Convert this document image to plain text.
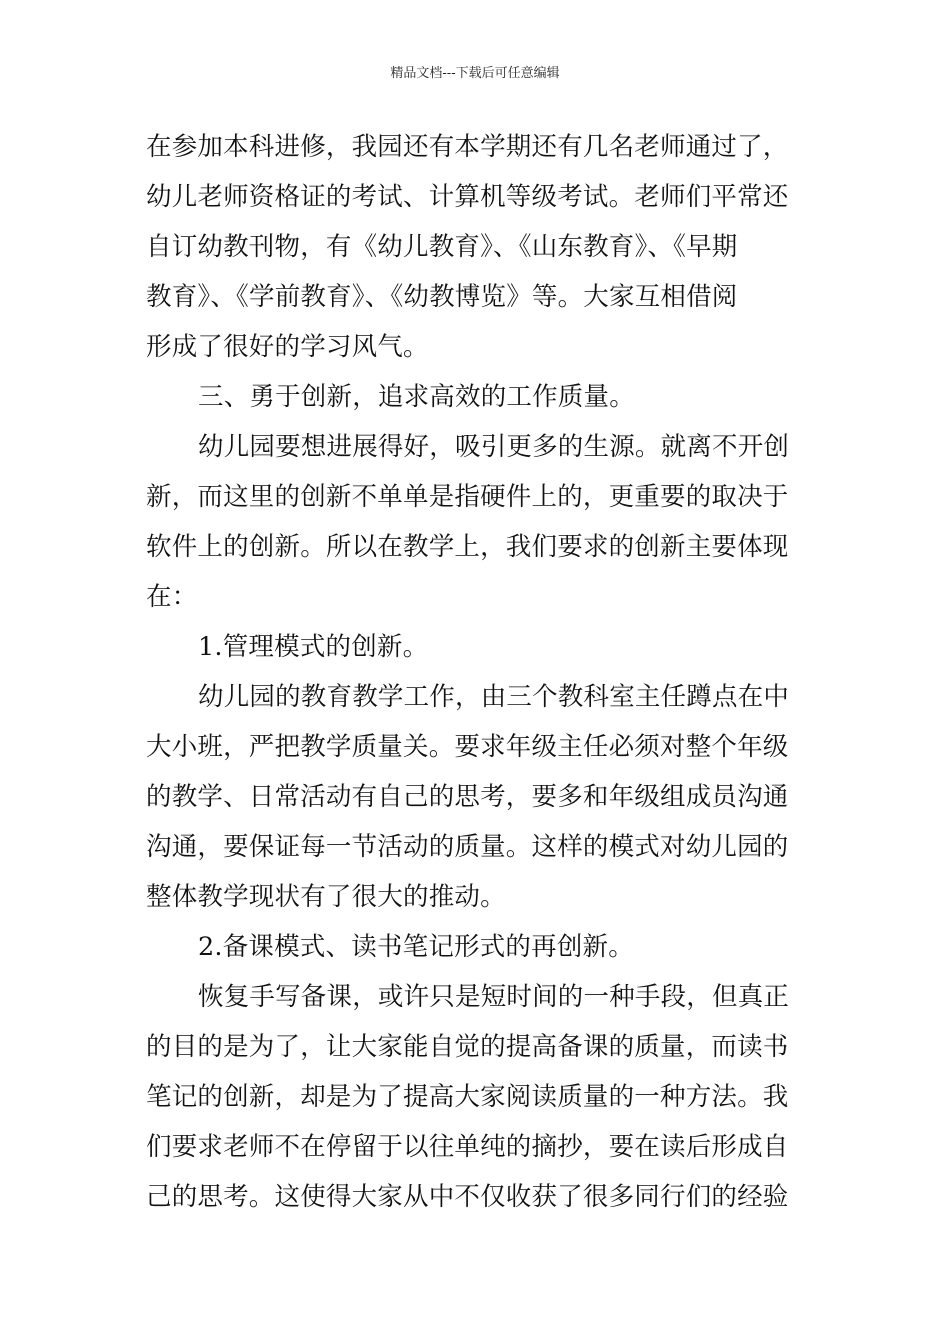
精品文档---下载后可任意编辑
在参加本科进修，我园还有本学期还有几名老师通过了，
幼儿老师资格证的考试、计算机等级考试。老师们平常还
自订幼教刊物，有《幼儿教育》、《山东教育》、《早期
教育》、《学前教育》、《幼教博览》等。大家互相借阅
形成了很好的学习风气。
三、勇于创新，追求高效的工作质量。
幼儿园要想进展得好，吸引更多的生源。就离不开创
新，而这里的创新不单单是指硬件上的，更重要的取决于
软件上的创新。所以在教学上，我们要求的创新主要体现
在：
1.管理模式的创新。
幼儿园的教育教学工作，由三个教科室主任蹲点在中
大小班，严把教学质量关。要求年级主任必须对整个年级
的教学、日常活动有自己的思考，要多和年级组成员沟通
沟通，要保证每一节活动的质量。这样的模式对幼儿园的
整体教学现状有了很大的推动。
2.备课模式、读书笔记形式的再创新。
恢复手写备课，或许只是短时间的一种手段，但真正
的目的是为了，让大家能自觉的提高备课的质量，而读书
笔记的创新，却是为了提高大家阅读质量的一种方法。我
们要求老师不在停留于以往单纯的摘抄，要在读后形成自
己的思考。这使得大家从中不仅收获了很多同行们的经验
